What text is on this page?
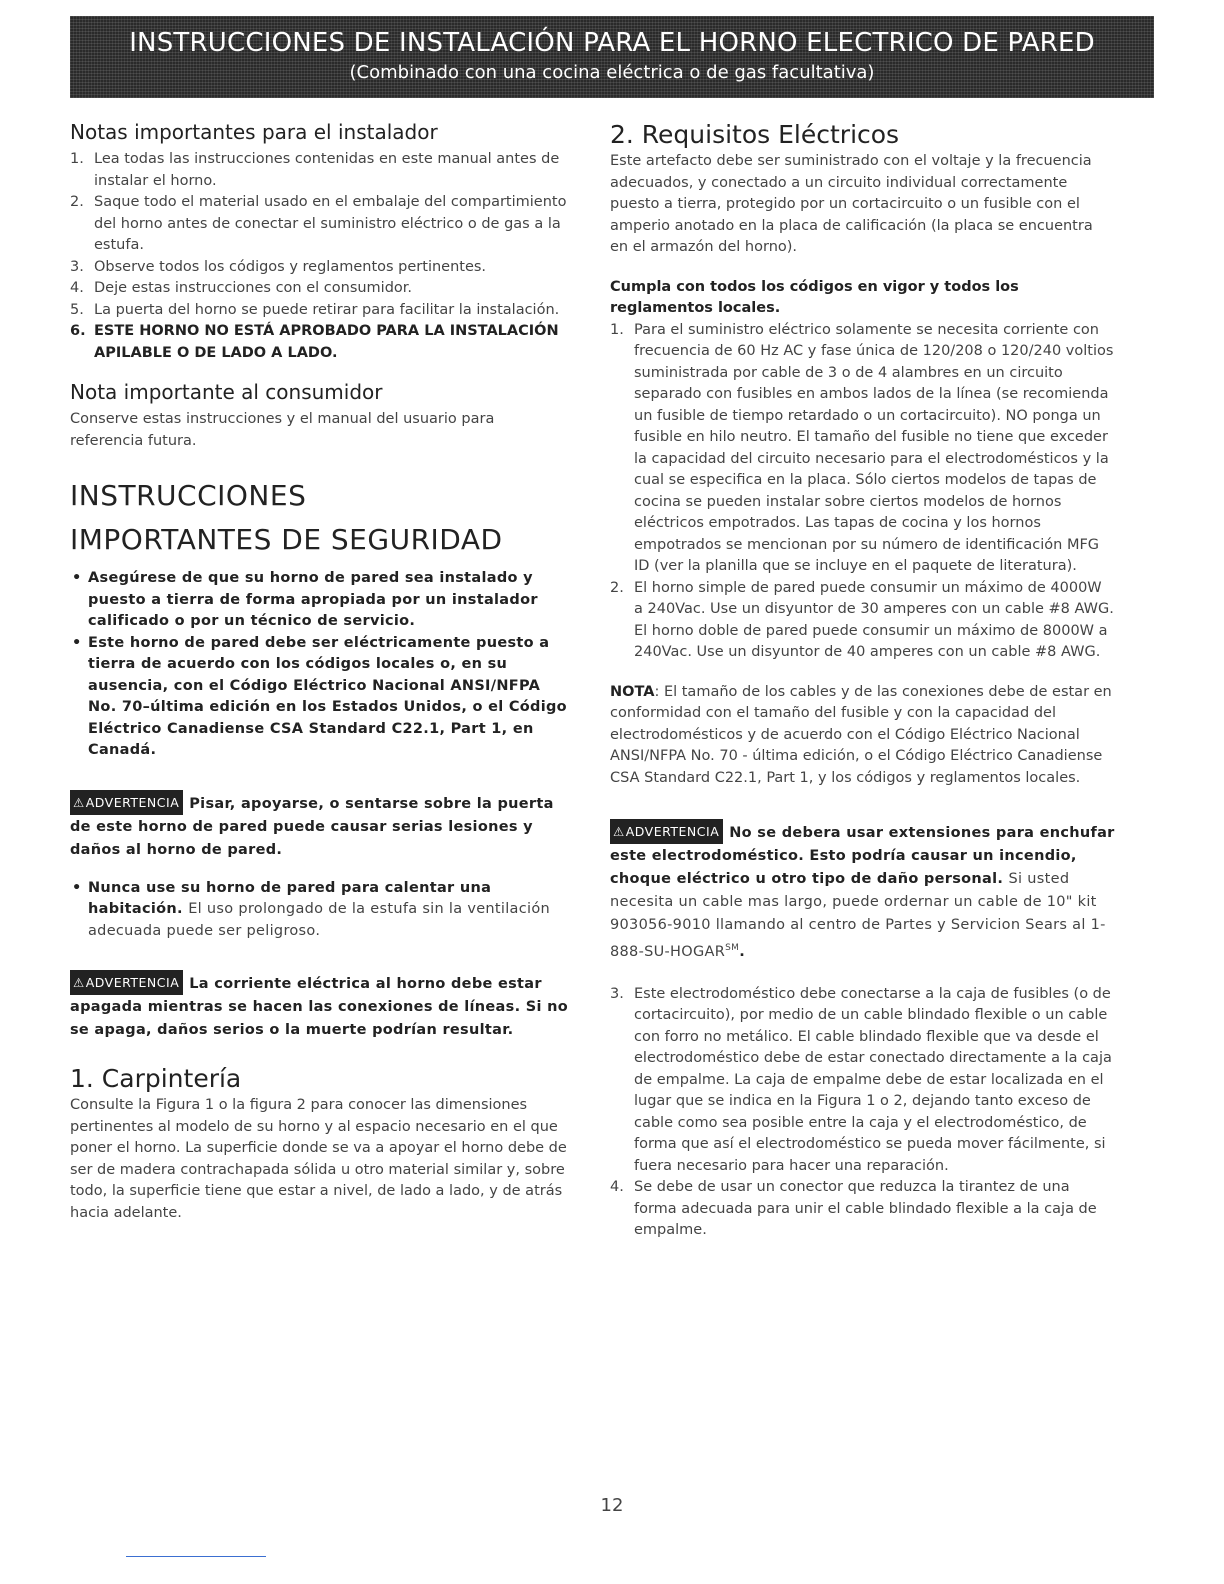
INSTRUCCIONES DE INSTALACIÓN PARA EL HORNO ELECTRICO DE PARED
(Combinado con una cocina eléctrica o de gas facultativa)
Notas importantes para el instalador
1. Lea todas las instrucciones contenidas en este manual antes de instalar el horno.
2. Saque todo el material usado en el embalaje del compartimiento del horno antes de conectar el suministro eléctrico o de gas a la estufa.
3. Observe todos los códigos y reglamentos pertinentes.
4. Deje estas instrucciones con el consumidor.
5. La puerta del horno se puede retirar para facilitar la instalación.
6. ESTE HORNO NO ESTÁ APROBADO PARA LA INSTALACIÓN APILABLE O DE LADO A LADO.
Nota importante al consumidor

Conserve estas instrucciones y el manual del usuario para referencia futura.

INSTRUCCIONES
IMPORTANTES DE SEGURIDAD
• Asegúrese de que su horno de pared sea instalado y puesto a tierra de forma apropiada por un instalador calificado o por un técnico de servicio.
• Este horno de pared debe ser eléctricamente puesto a tierra de acuerdo con los códigos locales o, en su ausencia, con el Código Eléctrico Nacional ANSI/NFPA No. 70–última edición en los Estados Unidos, o el Código Eléctrico Canadiense CSA Standard C22.1, Part 1, en Canadá.
⚠ADVERTENCIA Pisar, apoyarse, o sentarse sobre la puerta de este horno de pared puede causar serias lesiones y daños al horno de pared.
• Nunca use su horno de pared para calentar una habitación. El uso prolongado de la estufa sin la ventilación adecuada puede ser peligroso.
⚠ADVERTENCIA La corriente eléctrica al horno debe estar apagada mientras se hacen las conexiones de líneas. Si no se apaga, daños serios o la muerte podrían resultar.
1. Carpintería

Consulte la Figura 1 o la figura 2 para conocer las dimensiones pertinentes al modelo de su horno y al espacio necesario en el que poner el horno. La superficie donde se va a apoyar el horno debe de ser de madera contrachapada sólida u otro material similar y, sobre todo, la superficie tiene que estar a nivel, de lado a lado, y de atrás hacia adelante.

2. Requisitos Eléctricos

Este artefacto debe ser suministrado con el voltaje y la frecuencia adecuados, y conectado a un circuito individual correctamente puesto a tierra, protegido por un cortacircuito o un fusible con el amperio anotado en la placa de calificación (la placa se encuentra en el armazón del horno).

Cumpla con todos los códigos en vigor y todos los reglamentos locales.

1. Para el suministro eléctrico solamente se necesita corriente con frecuencia de 60 Hz AC y fase única de 120/208 o 120/240 voltios suministrada por cable de 3 o de 4 alambres en un circuito separado con fusibles en ambos lados de la línea (se recomienda un fusible de tiempo retardado o un cortacircuito). NO ponga un fusible en hilo neutro. El tamaño del fusible no tiene que exceder la capacidad del circuito necesario para el electrodomésticos y la cual se especifica en la placa. Sólo ciertos modelos de tapas de cocina se pueden instalar sobre ciertos modelos de hornos eléctricos empotrados. Las tapas de cocina y los hornos empotrados se mencionan por su número de identificación MFG ID (ver la planilla que se incluye en el paquete de literatura).
2. El horno simple de pared puede consumir un máximo de 4000W a 240Vac. Use un disyuntor de 30 amperes con un cable #8 AWG. El horno doble de pared puede consumir un máximo de 8000W a 240Vac. Use un disyuntor de 40 amperes con un cable #8 AWG.

NOTA: El tamaño de los cables y de las conexiones debe de estar en conformidad con el tamaño del fusible y con la capacidad del electrodomésticos y de acuerdo con el Código Eléctrico Nacional ANSI/NFPA No. 70 - última edición, o el Código Eléctrico Canadiense CSA Standard C22.1, Part 1, y los códigos y reglamentos locales.

⚠ADVERTENCIA No se debera usar extensiones para enchufar este electrodoméstico. Esto podría causar un incendio, choque eléctrico u otro tipo de daño personal. Si usted necesita un cable mas largo, puede ordernar un cable de 10" kit 903056-9010 llamando al centro de Partes y Servicion Sears al 1-888-SU-HOGAR℠.
3. Este electrodoméstico debe conectarse a la caja de fusibles (o de cortacircuito), por medio de un cable blindado flexible o un cable con forro no metálico. El cable blindado flexible que va desde el electrodoméstico debe de estar conectado directamente a la caja de empalme. La caja de empalme debe de estar localizada en el lugar que se indica en la Figura 1 o 2, dejando tanto exceso de cable como sea posible entre la caja y el electrodoméstico, de forma que así el electrodoméstico se pueda mover fácilmente, si fuera necesario para hacer una reparación.
4. Se debe de usar un conector que reduzca la tirantez de una forma adecuada para unir el cable blindado flexible a la caja de empalme.
12
